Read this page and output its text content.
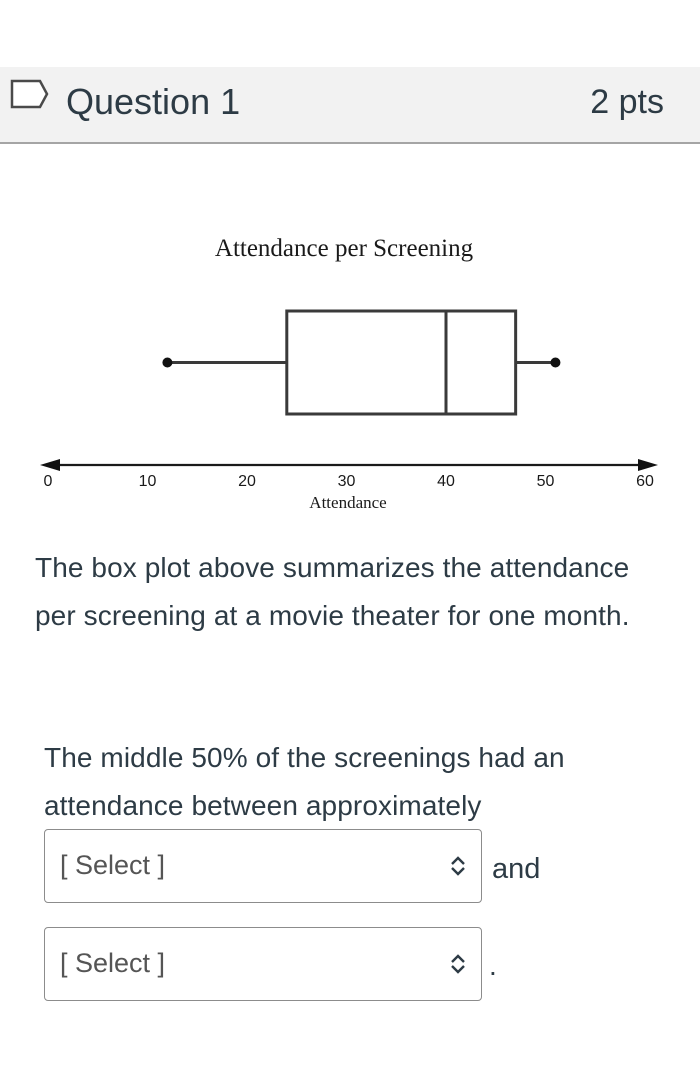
Question 1	2 pts
Attendance per Screening
0	10	20	30	40	50	60
Attendance
The box plot above summarizes the attendance per screening at a movie theater for one month.
The middle 50% of the screenings had an attendance between approximately
[ Select ]	and
[ Select ]	.
